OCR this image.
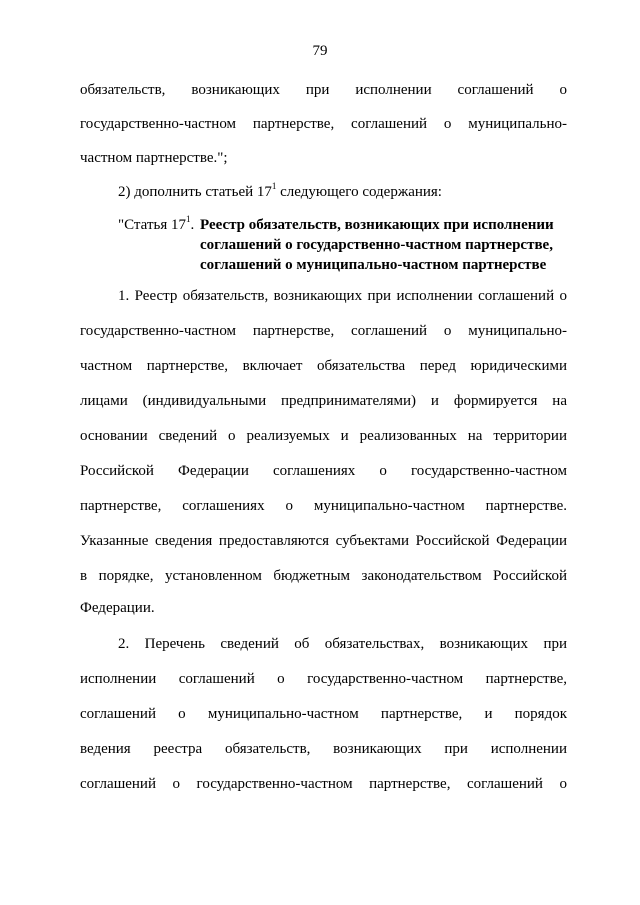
79
обязательств, возникающих при исполнении соглашений о
государственно-частном партнерстве, соглашений о муниципально-
частном партнерстве.";
2) дополнить статьей $17^1$ следующего содержания:
"Статья $17^1$. Реестр обязательств, возникающих при исполнении
соглашений о государственно-частном партнерстве,
соглашений о муниципально-частном партнерстве
1. Реестр обязательств, возникающих при исполнении соглашений о
государственно-частном партнерстве, соглашений о муниципально-
частном партнерстве, включает обязательства перед юридическими
лицами (индивидуальными предпринимателями) и формируется на
основании сведений о реализуемых и реализованных на территории
Российской Федерации соглашениях о государственно-частном
партнерстве, соглашениях о муниципально-частном партнерстве.
Указанные сведения предоставляются субъектами Российской Федерации
в порядке, установленном бюджетным законодательством Российской
Федерации.
2. Перечень сведений об обязательствах, возникающих при
исполнении соглашений о государственно-частном партнерстве,
соглашений о муниципально-частном партнерстве, и порядок
ведения реестра обязательств, возникающих при исполнении
соглашений о государственно-частном партнерстве, соглашений о
